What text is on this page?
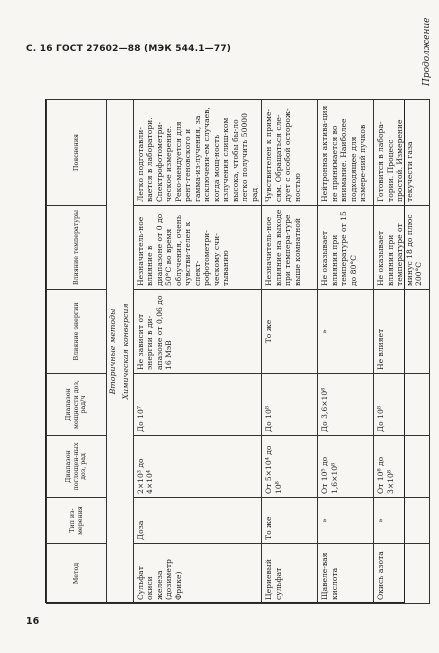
С. 16 ГОСТ 27602—88 (МЭК 544.1—77)	Продолжение
Метод	Тип из-мерения	Диапазон поглощен-ных доз, рад	Диапазон мощности доз, рад/ч	Влияние энергии	Влияние температуры	Пояснения
Вторичные методы						
Химическая конверсия						
Сульфат окиси железа (дозиметр Фрике)	Доза	2×10³ до 4×10⁴	До 10⁷	Не зависит от энергии в ди-апазоне от 0,06 до 16 МэВ	Незначитель-ное влияние в диапазоне от 0 до 50°С во время облучения, очень чувстви-телен к спект-рофотометри-ческому счи-тыванию	Легко подготавли-вается в лаборатори. Спектрофотометри-ческое измерение. Реко-мендуется для рент-геновского и гамма-из-лучения, за исключени-ем случаев, когда мощ-ность излучения слиш-ком высока, чтобы бы-ло легко получить 50000 рад
Цериевый сульфат	То же	От 5×10⁴ до 10⁸	До 10⁸	То же	Незначитель-ное влияние на выходе при темпера-туре выше комнатной	Чувствителен к приме-сям. Обращаться сле-дует с особой осторож-ностью
Щавеле-вая кислота	»	От 10⁵ до 1,6×10⁸	До 3,6×10⁸	»	Не оказывает влияния при температуре от 15 до 80°С	Нейтронная актива-ция не принимается во внимание. Наиболее подходящее для измере-ний пучков
Окись азота	»	От 10⁸ до 3×10⁸	До 10⁸	Не влияет	Не оказывает влияния при температуре от минус 18 до плюс 200°С	Готовится в лабора-тории. Процесс простой. Измерение текучести газа
16
